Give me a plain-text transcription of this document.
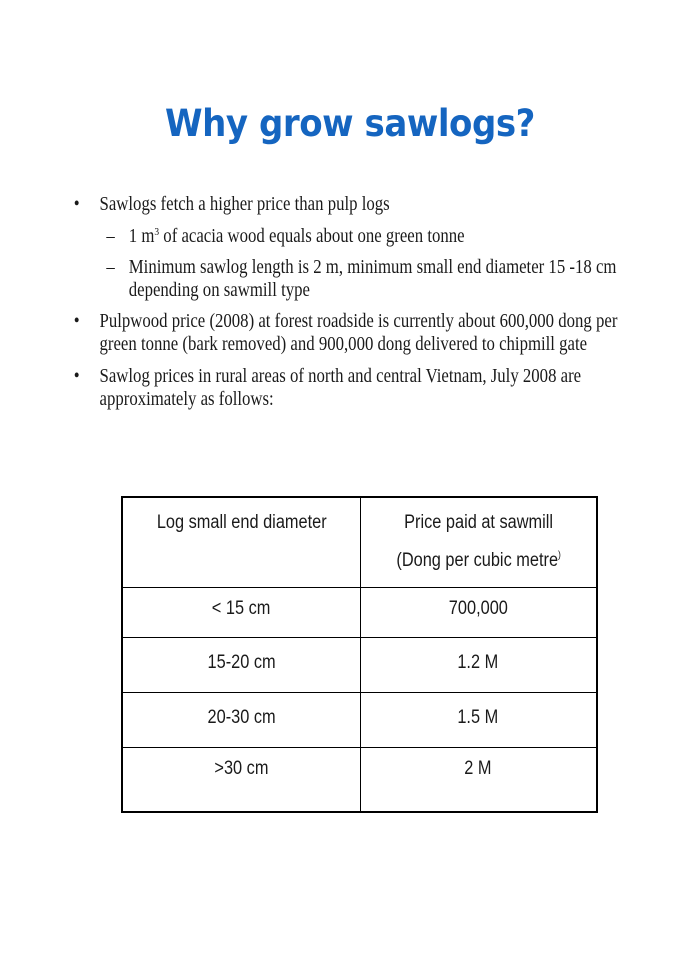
Why grow sawlogs?
• Sawlogs fetch a higher price than pulp logs
– 1 $m^3$ of acacia wood equals about one green tonne
– Minimum sawlog length is 2 m, minimum small end diameter 15 -18 cm depending on sawmill type
• Pulpwood price (2008) at forest roadside is currently about 600,000 dong per green tonne (bark removed) and 900,000 dong delivered to chipmill gate
• Sawlog prices in rural areas of north and central Vietnam, July 2008 are approximately as follows:
Log small end diameter	Price paid at sawmill
(Dong per cubic metre)
< 15 cm	700,000
15-20 cm	1.2 M
20-30 cm	1.5 M
>30 cm	2 M
